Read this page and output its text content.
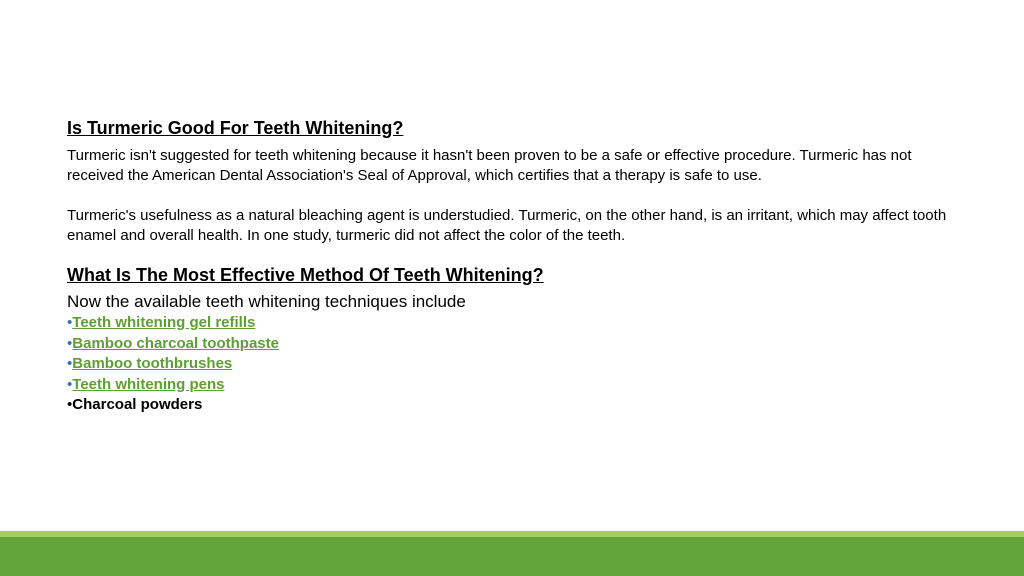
Is Turmeric Good For Teeth Whitening?

Turmeric isn't suggested for teeth whitening because it hasn't been proven to be a safe or effective procedure. Turmeric has not received the American Dental Association's Seal of Approval, which certifies that a therapy is safe to use.

Turmeric's usefulness as a natural bleaching agent is understudied. Turmeric, on the other hand, is an irritant, which may affect tooth enamel and overall health. In one study, turmeric did not affect the color of the teeth.

What Is The Most Effective Method Of Teeth Whitening?

Now the available teeth whitening techniques include

•Teeth whitening gel refills
•Bamboo charcoal toothpaste
•Bamboo toothbrushes
•Teeth whitening pens
•Charcoal powders
